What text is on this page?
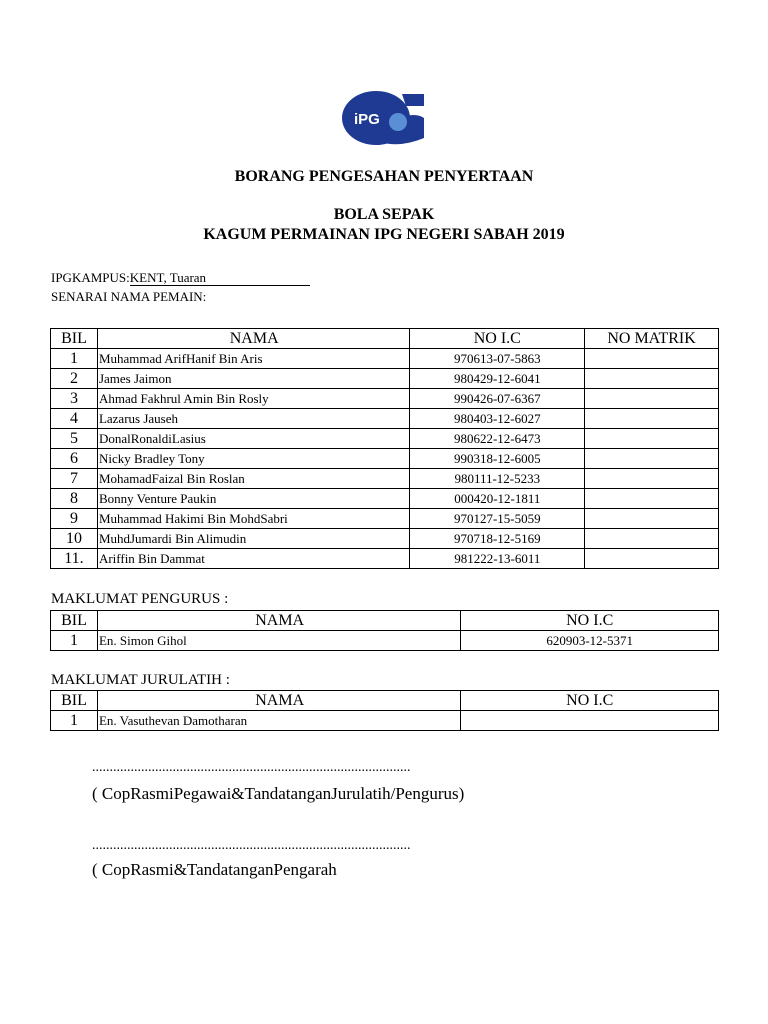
iPG
BORANG PENGESAHAN PENYERTAAN
BOLA SEPAK
KAGUM PERMAINAN IPG NEGERI SABAH 2019
IPGKAMPUS:KENT, Tuaran
SENARAI NAMA PEMAIN:
BIL	NAMA	NO I.C	NO MATRIK
1	Muhammad ArifHanif Bin Aris	970613-07-5863	
2	James Jaimon	980429-12-6041	
3	Ahmad Fakhrul Amin Bin Rosly	990426-07-6367	
4	Lazarus Jauseh	980403-12-6027	
5	DonalRonaldiLasius	980622-12-6473	
6	Nicky Bradley Tony	990318-12-6005	
7	MohamadFaizal Bin Roslan	980111-12-5233	
8	Bonny Venture Paukin	000420-12-1811	
9	Muhammad Hakimi Bin MohdSabri	970127-15-5059	
10	MuhdJumardi Bin Alimudin	970718-12-5169	
11.	Ariffin Bin Dammat	981222-13-6011	
MAKLUMAT PENGURUS :
BIL	NAMA	NO I.C
1	En. Simon Gihol	620903-12-5371
MAKLUMAT JURULATIH :
BIL	NAMA	NO I.C
1	En. Vasuthevan Damotharan	
...........................................................................................
( CopRasmiPegawai&TandatanganJurulatih/Pengurus)
...........................................................................................
( CopRasmi&TandatanganPengarah
